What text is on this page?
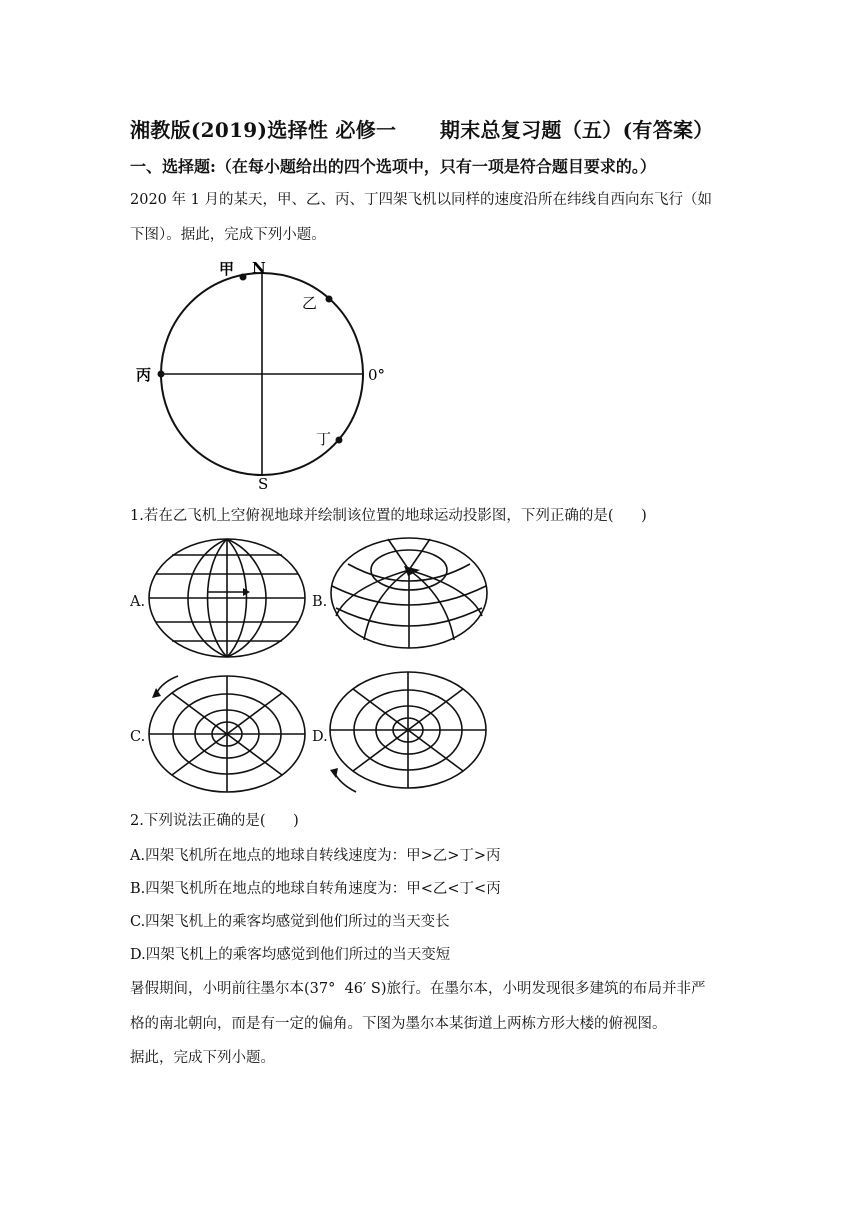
湘教版(2019)选择性 必修一      期末总复习题（五）(有答案）
一、选择题:（在每小题给出的四个选项中，只有一项是符合题目要求的。）
2020 年 1 月的某天，甲、乙、丙、丁四架飞机以同样的速度沿所在纬线自西向东飞行（如
下图）。据此，完成下列小题。
甲 N
乙
丙	0°
丁
S
1.若在乙飞机上空俯视地球并绘制该位置的地球运动投影图，下列正确的是(      )
A.	B.
C.	D.
2.下列说法正确的是(      )
A.四架飞机所在地点的地球自转线速度为：甲>乙>丁>丙
B.四架飞机所在地点的地球自转角速度为：甲<乙<丁<丙
C.四架飞机上的乘客均感觉到他们所过的当天变长
D.四架飞机上的乘客均感觉到他们所过的当天变短
暑假期间，小明前往墨尔本(37°  46′ S)旅行。在墨尔本，小明发现很多建筑的布局并非严
格的南北朝向，而是有一定的偏角。下图为墨尔本某街道上两栋方形大楼的俯视图。
据此，完成下列小题。
